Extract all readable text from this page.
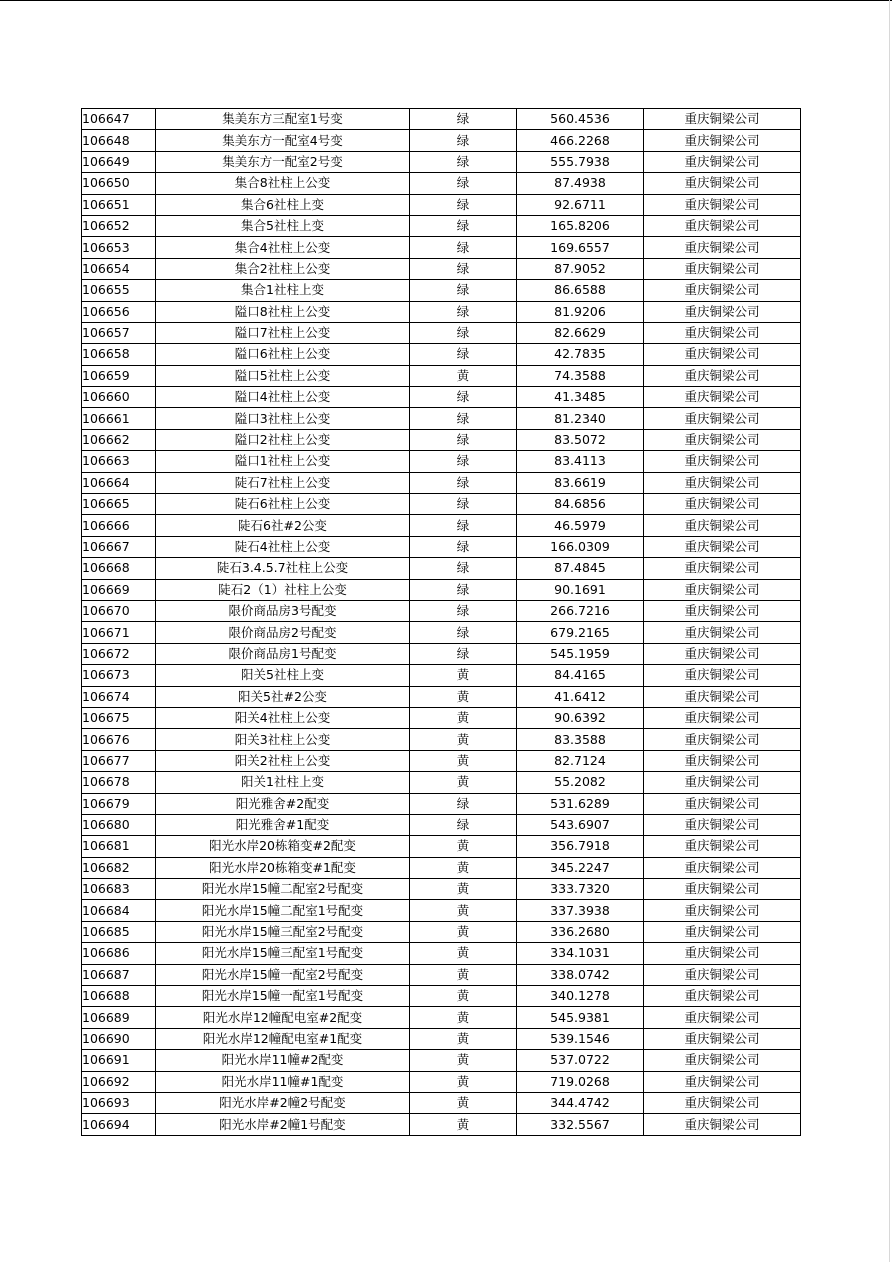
106647	集美东方三配室1号变	绿	560.4536	重庆铜梁公司
106648	集美东方一配室4号变	绿	466.2268	重庆铜梁公司
106649	集美东方一配室2号变	绿	555.7938	重庆铜梁公司
106650	集合8社柱上公变	绿	87.4938	重庆铜梁公司
106651	集合6社柱上变	绿	92.6711	重庆铜梁公司
106652	集合5社柱上变	绿	165.8206	重庆铜梁公司
106653	集合4社柱上公变	绿	169.6557	重庆铜梁公司
106654	集合2社柱上公变	绿	87.9052	重庆铜梁公司
106655	集合1社柱上变	绿	86.6588	重庆铜梁公司
106656	隘口8社柱上公变	绿	81.9206	重庆铜梁公司
106657	隘口7社柱上公变	绿	82.6629	重庆铜梁公司
106658	隘口6社柱上公变	绿	42.7835	重庆铜梁公司
106659	隘口5社柱上公变	黄	74.3588	重庆铜梁公司
106660	隘口4社柱上公变	绿	41.3485	重庆铜梁公司
106661	隘口3社柱上公变	绿	81.2340	重庆铜梁公司
106662	隘口2社柱上公变	绿	83.5072	重庆铜梁公司
106663	隘口1社柱上公变	绿	83.4113	重庆铜梁公司
106664	陡石7社柱上公变	绿	83.6619	重庆铜梁公司
106665	陡石6社柱上公变	绿	84.6856	重庆铜梁公司
106666	陡石6社#2公变	绿	46.5979	重庆铜梁公司
106667	陡石4社柱上公变	绿	166.0309	重庆铜梁公司
106668	陡石3.4.5.7社柱上公变	绿	87.4845	重庆铜梁公司
106669	陡石2（1）社柱上公变	绿	90.1691	重庆铜梁公司
106670	限价商品房3号配变	绿	266.7216	重庆铜梁公司
106671	限价商品房2号配变	绿	679.2165	重庆铜梁公司
106672	限价商品房1号配变	绿	545.1959	重庆铜梁公司
106673	阳关5社柱上变	黄	84.4165	重庆铜梁公司
106674	阳关5社#2公变	黄	41.6412	重庆铜梁公司
106675	阳关4社柱上公变	黄	90.6392	重庆铜梁公司
106676	阳关3社柱上公变	黄	83.3588	重庆铜梁公司
106677	阳关2社柱上公变	黄	82.7124	重庆铜梁公司
106678	阳关1社柱上变	黄	55.2082	重庆铜梁公司
106679	阳光雅舍#2配变	绿	531.6289	重庆铜梁公司
106680	阳光雅舍#1配变	绿	543.6907	重庆铜梁公司
106681	阳光水岸20栋箱变#2配变	黄	356.7918	重庆铜梁公司
106682	阳光水岸20栋箱变#1配变	黄	345.2247	重庆铜梁公司
106683	阳光水岸15幢二配室2号配变	黄	333.7320	重庆铜梁公司
106684	阳光水岸15幢二配室1号配变	黄	337.3938	重庆铜梁公司
106685	阳光水岸15幢三配室2号配变	黄	336.2680	重庆铜梁公司
106686	阳光水岸15幢三配室1号配变	黄	334.1031	重庆铜梁公司
106687	阳光水岸15幢一配室2号配变	黄	338.0742	重庆铜梁公司
106688	阳光水岸15幢一配室1号配变	黄	340.1278	重庆铜梁公司
106689	阳光水岸12幢配电室#2配变	黄	545.9381	重庆铜梁公司
106690	阳光水岸12幢配电室#1配变	黄	539.1546	重庆铜梁公司
106691	阳光水岸11幢#2配变	黄	537.0722	重庆铜梁公司
106692	阳光水岸11幢#1配变	黄	719.0268	重庆铜梁公司
106693	阳光水岸#2幢2号配变	黄	344.4742	重庆铜梁公司
106694	阳光水岸#2幢1号配变	黄	332.5567	重庆铜梁公司
